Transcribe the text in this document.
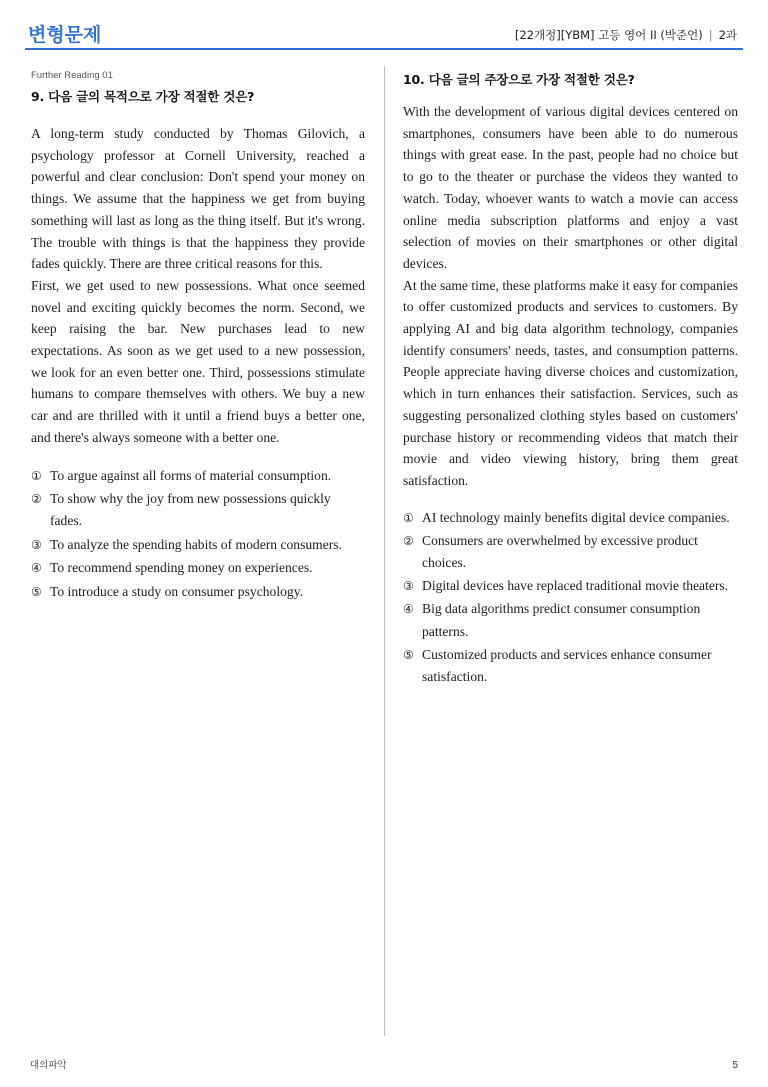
변형문제	[22개정][YBM] 고등 영어 II (박준언) | 2과
Further Reading 01
9. 다음 글의 목적으로 가장 적절한 것은?

A long-term study conducted by Thomas Gilovich, a psychology professor at Cornell University, reached a powerful and clear conclusion: Don't spend your money on things. We assume that the happiness we get from buying something will last as long as the thing itself. But it's wrong. The trouble with things is that the happiness they provide fades quickly. There are three critical reasons for this.

First, we get used to new possessions. What once seemed novel and exciting quickly becomes the norm. Second, we keep raising the bar. New purchases lead to new expectations. As soon as we get used to a new possession, we look for an even better one. Third, possessions stimulate humans to compare themselves with others. We buy a new car and are thrilled with it until a friend buys a better one, and there's always someone with a better one.

① To argue against all forms of material consumption.
② To show why the joy from new possessions quickly fades.
③ To analyze the spending habits of modern consumers.
④ To recommend spending money on experiences.
⑤ To introduce a study on consumer psychology.
10. 다음 글의 주장으로 가장 적절한 것은?

With the development of various digital devices centered on smartphones, consumers have been able to do numerous things with great ease. In the past, people had no choice but to go to the theater or purchase the videos they wanted to watch. Today, whoever wants to watch a movie can access online media subscription platforms and enjoy a vast selection of movies on their smartphones or other digital devices.

At the same time, these platforms make it easy for companies to offer customized products and services to customers. By applying AI and big data algorithm technology, companies identify consumers' needs, tastes, and consumption patterns. People appreciate having diverse choices and customization, which in turn enhances their satisfaction. Services, such as suggesting personalized clothing styles based on customers' purchase history or recommending videos that match their movie and video viewing history, bring them great satisfaction.

① AI technology mainly benefits digital device companies.
② Consumers are overwhelmed by excessive product choices.
③ Digital devices have replaced traditional movie theaters.
④ Big data algorithms predict consumer consumption patterns.
⑤ Customized products and services enhance consumer satisfaction.
대의파악	5
